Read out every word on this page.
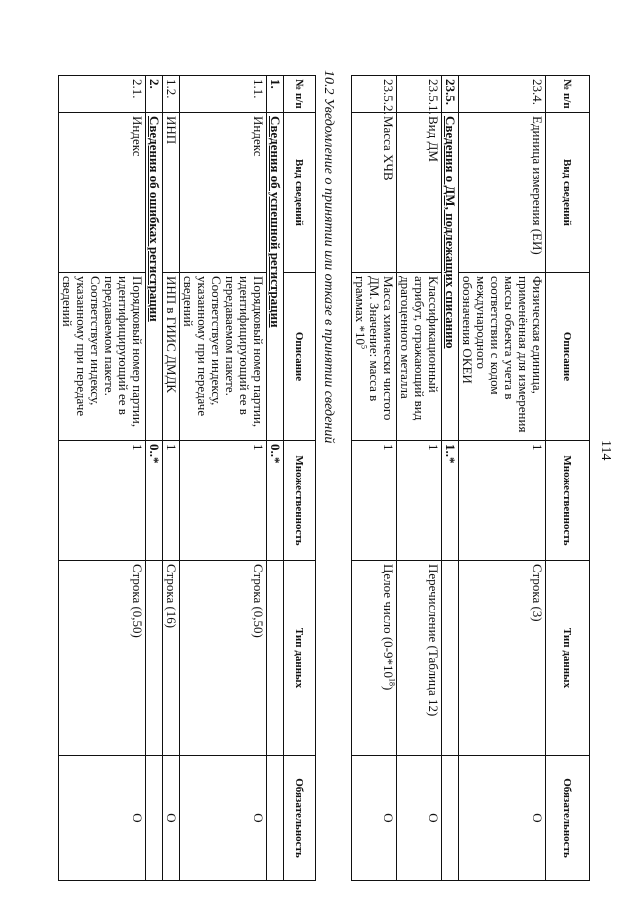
114
№ п/п	Вид сведений	Описание	Множественность	Тип данных	Обязательность
23.4.	Единица измерения (ЕИ)	Физическая единица, применённая для измерения массы объекта учета в соответствии с кодом международного обозначения ОКЕИ	1	Строка (3)	О
23.5.	Сведения о ДМ, подлежащих списанию		1..*		
23.5.1.	Вид ДМ	Классификационный атрибут, отражающий вид драгоценного металла	1	Перечисление (Таблица 12)	О
23.5.2.	Масса ХЧВ	Масса химически чистого ДМ. Значение: масса в граммах $*10^5$	1	Целое число $(0-9*10^{18})$	О
10.2 Уведомление о принятии или отказе в принятии сведений
№ п/п	Вид сведений	Описание	Множественность	Тип данных	Обязательность
1.	Сведения об успешной регистрации		0..*		
1.1.	Индекс	Порядковый номер партии, идентифицирующий ее в передаваемом пакете. Соответствует индексу, указанному при передаче сведений	1	Строка (0,50)	О
1.2.	ИНП	ИНП в ГИИС ДМДК	1	Строка (16)	О
2.	Сведения об ошибках регистрации		0..*		
2.1.	Индекс	Порядковый номер партии, идентифицирующий ее в передаваемом пакете. Соответствует индексу, указанному при передаче сведений	1	Строка (0,50)	О
